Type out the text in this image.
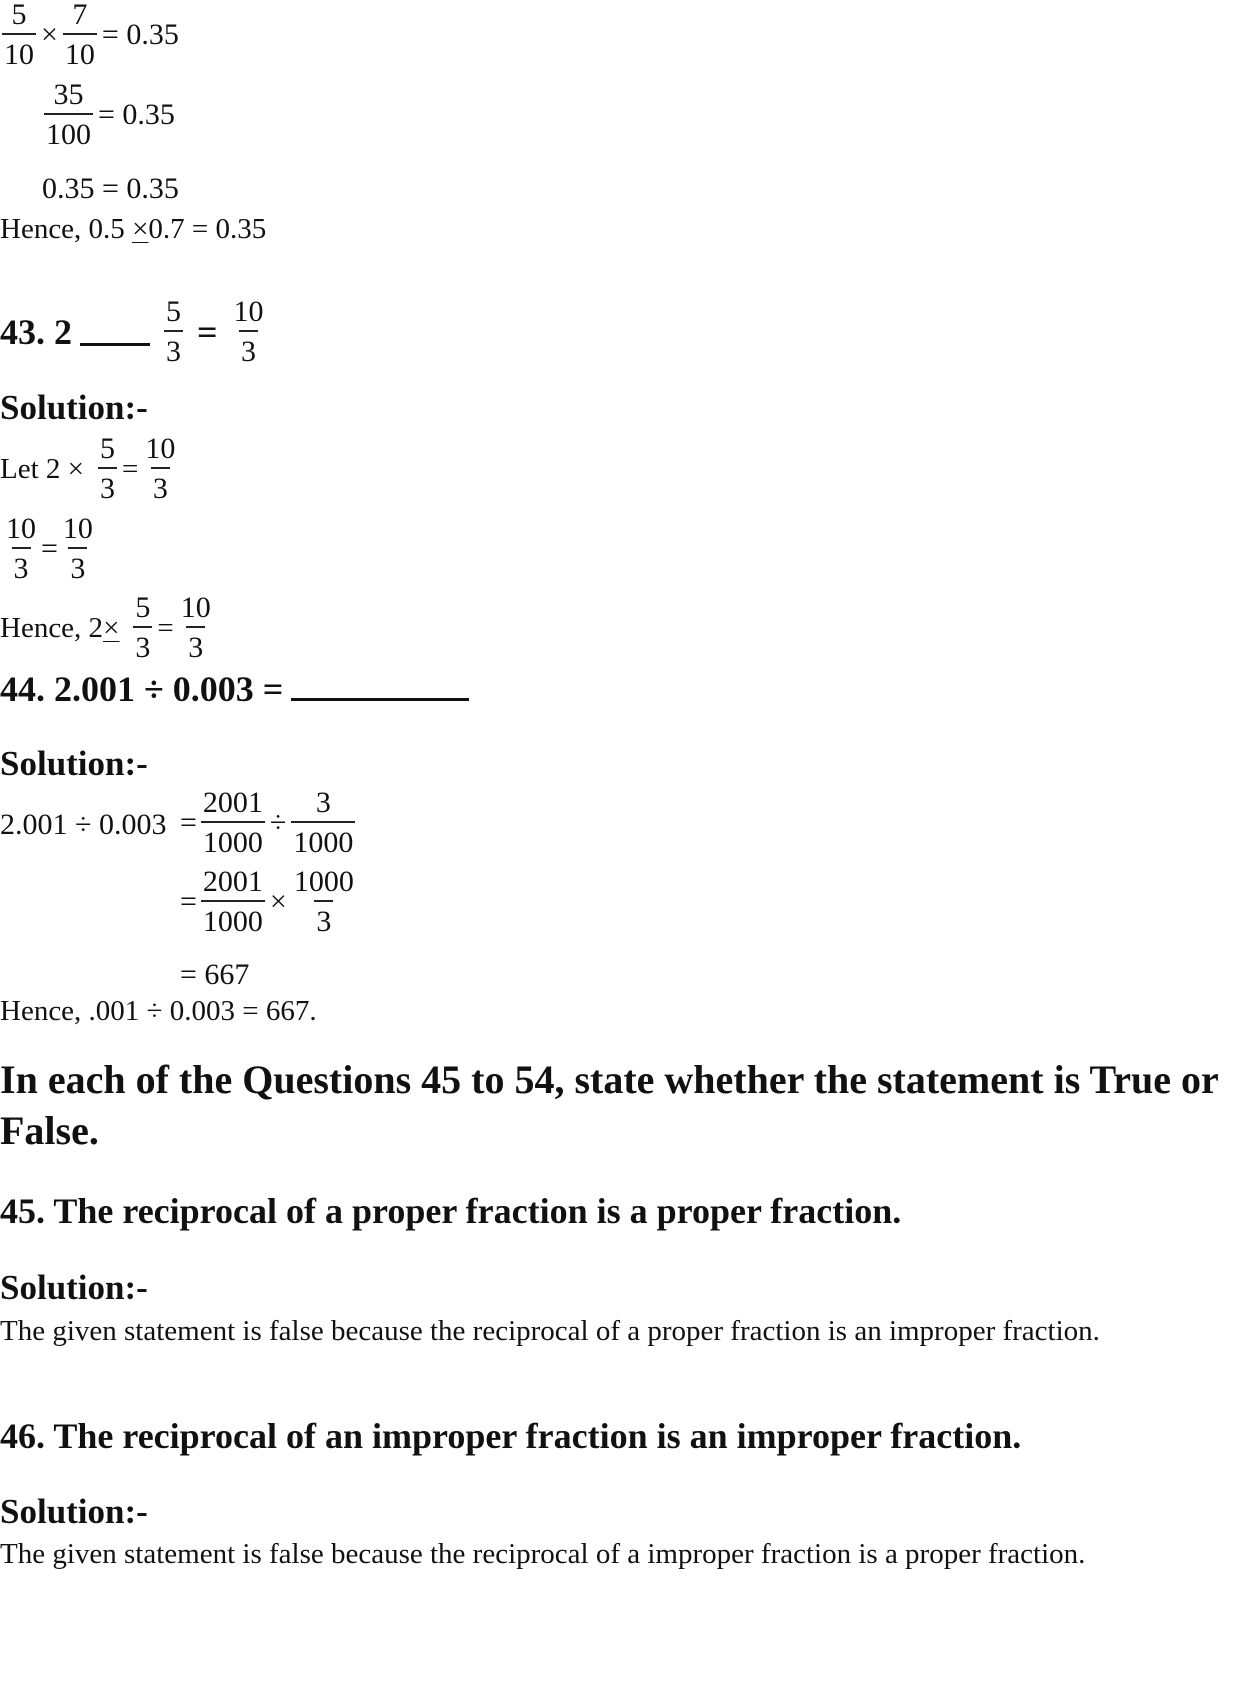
$\frac{5}{10} \times \frac{7}{10} = 0.35$
$\frac{35}{100} = 0.35$
0.35 = 0.35
Hence, 0.5 ×0.7 = 0.35
43. 2	$\frac{5}{3} = \frac{10}{3}$
Solution:-
Let $2 \times \frac{5}{3} = \frac{10}{3}$
$\frac{10}{3} = \frac{10}{3}$
Hence, $2 \times \frac{5}{3} = \frac{10}{3}$
44. 2.001 ÷ 0.003 =
Solution:-
$2.001 \div 0.003 = \frac{2001}{1000} \div \frac{3}{1000}$
= $\frac{2001}{1000} \times \frac{1000}{3}$
= 667
Hence, .001 ÷ 0.003 = 667.
In each of the Questions 45 to 54, state whether the statement is True or False.
45. The reciprocal of a proper fraction is a proper fraction.
Solution:-
The given statement is false because the reciprocal of a proper fraction is an improper fraction.
46. The reciprocal of an improper fraction is an improper fraction.
Solution:-
The given statement is false because the reciprocal of a improper fraction is a proper fraction.
